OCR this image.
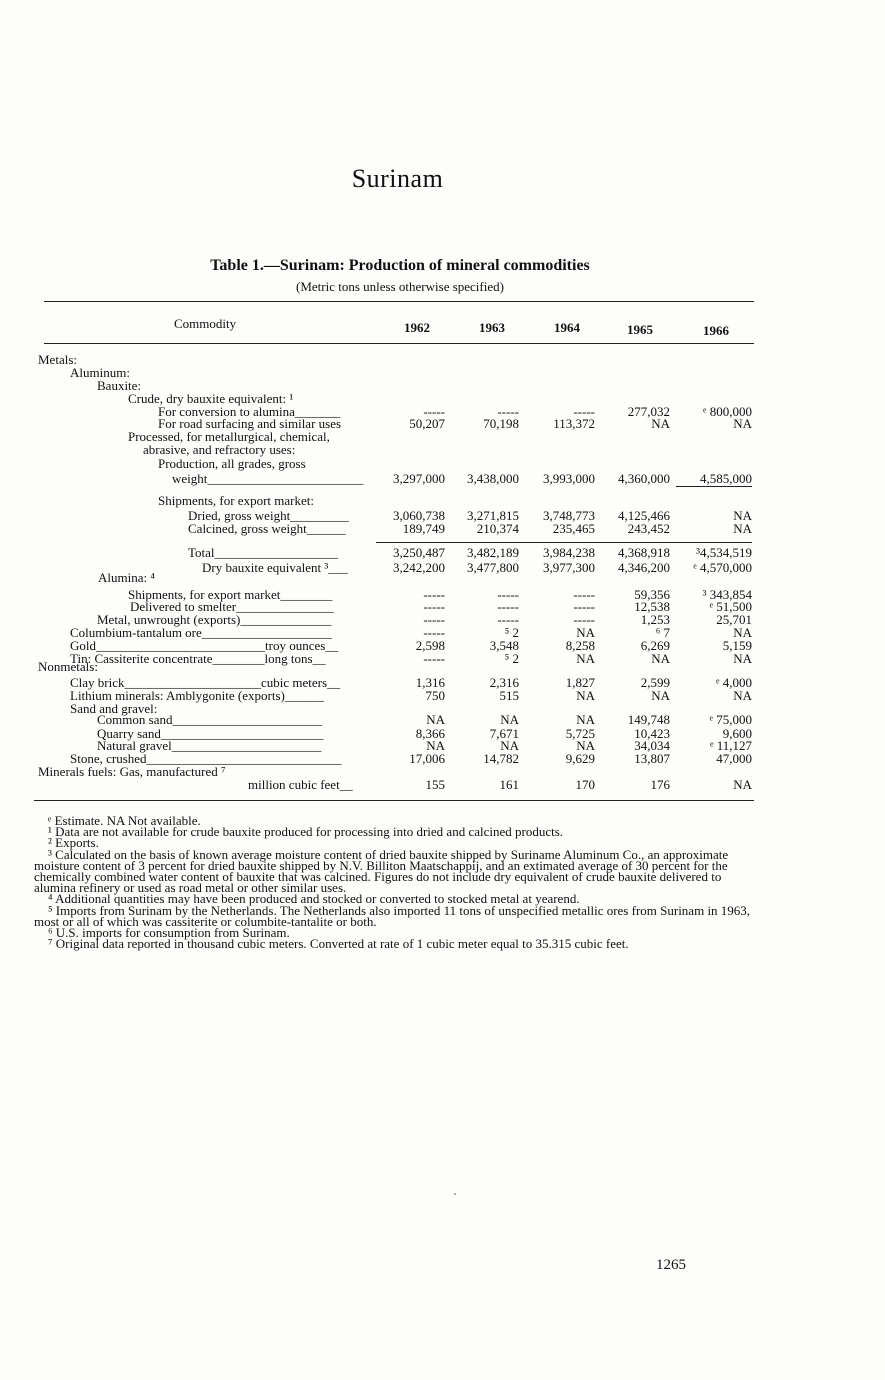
Surinam
Table 1.—Surinam: Production of mineral commodities
(Metric tons unless otherwise specified)
Commodity	1962	1963	1964	1965	1966
Metals:
Aluminum:
Bauxite:
Crude, dry bauxite equivalent: ¹
For conversion to alumina_______	-----	-----	-----	277,032	ᵉ 800,000
For road surfacing and similar uses	50,207	70,198	113,372	NA	NA
Processed, for metallurgical, chemical,
abrasive, and refractory uses:
Production, all grades, gross
weight________________________ 3,297,000 3,438,000 3,993,000 4,360,000 4,585,000
Shipments, for export market:
Dried, gross weight_________	3,060,738 3,271,815 3,748,773 4,125,466	NA
Calcined, gross weight______	189,749 210,374	235,465	243,452	NA
Total___________________	3,250,487 3,482,189 3,984,238 4,368,918 ³4,534,519
Dry bauxite equivalent ³___	3,242,200 3,477,800 3,977,300 4,346,200 ᵉ 4,570,000
Alumina: ⁴
Shipments, for export market________	-----	-----	-----	59,356	³ 343,854
Delivered to smelter_______________	-----	-----	-----	12,538	ᵉ 51,500
Metal, unwrought (exports)______________	-----	-----	-----	1,253	25,701
Columbium-tantalum ore____________________	-----	⁵ 2	NA	⁶ 7	NA
Gold__________________________troy ounces__	2,598	3,548	8,258	6,269	5,159
Tin: Cassiterite concentrate________long tons__	-----	⁵ 2	NA	NA	NA
Nonmetals:
Clay brick_____________________cubic meters__	1,316	2,316	1,827	2,599	ᵉ 4,000
Lithium minerals: Amblygonite (exports)______	750	515	NA	NA	NA
Sand and gravel:
Common sand_______________________	NA	NA	NA	149,748	ᵉ 75,000
Quarry sand_________________________	8,366	7,671	5,725	10,423	9,600
Natural gravel_______________________	NA	NA	NA	34,034	ᵉ 11,127
Stone, crushed______________________________	17,006	14,782	9,629	13,807	47,000
Minerals fuels: Gas, manufactured ⁷
million cubic feet__	155	161	170	176	NA

ᵉ Estimate. NA Not available.

¹ Data are not available for crude bauxite produced for processing into dried and calcined products.

² Exports.

³ Calculated on the basis of known average moisture content of dried bauxite shipped by Suriname Aluminum Co., an approximate moisture content of 3 percent for dried bauxite shipped by N.V. Billiton Maatschappij, and an extimated average of 30 percent for the chemically combined water content of bauxite that was calcined. Figures do not include dry equivalent of crude bauxite delivered to alumina refinery or used as road metal or other similar uses.

⁴ Additional quantities may have been produced and stocked or converted to stocked metal at yearend.

⁵ Imports from Surinam by the Netherlands. The Netherlands also imported 11 tons of unspecified metallic ores from Surinam in 1963, most or all of which was cassiterite or columbite-tantalite or both.

⁶ U.S. imports for consumption from Surinam.

⁷ Original data reported in thousand cubic meters. Converted at rate of 1 cubic meter equal to 35.315 cubic feet.

1265
